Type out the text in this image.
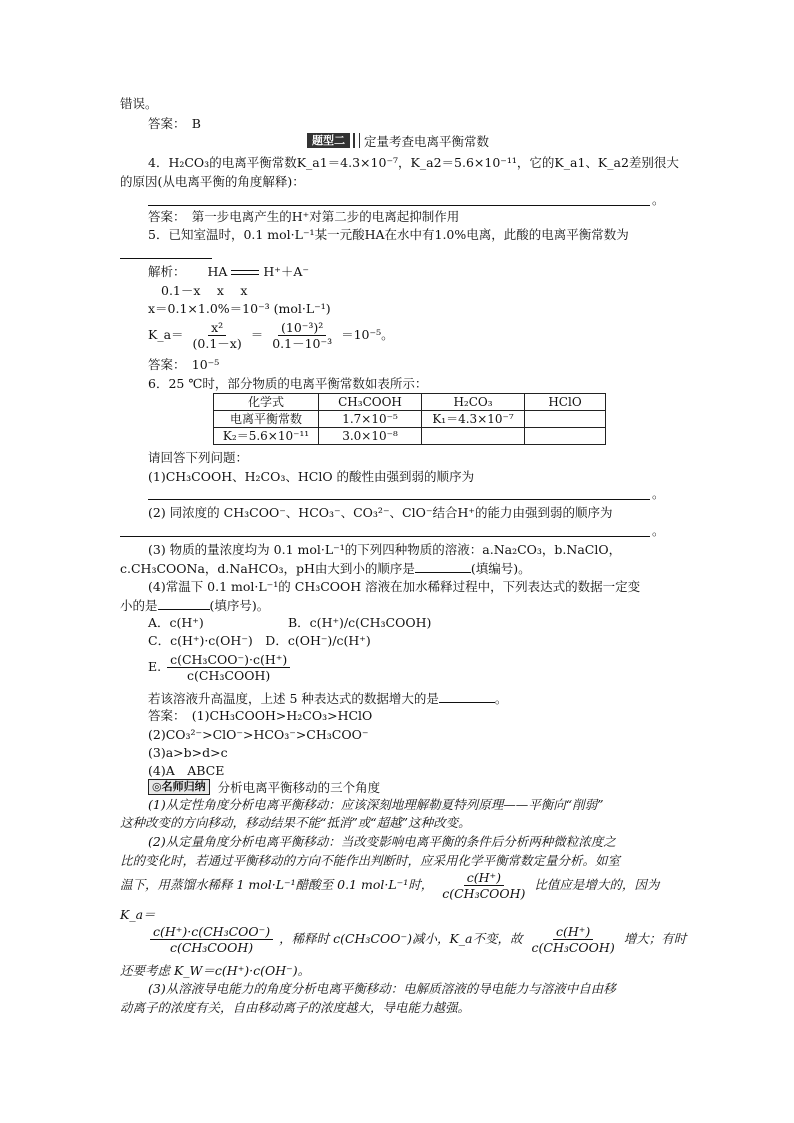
错误。
答案：　B
题型二	定量考查电离平衡常数
4．H₂CO₃的电离平衡常数K_a1＝4.3×10⁻⁷，K_a2＝5.6×10⁻¹¹，它的K_a1、K_a2差别很大
的原因(从电离平衡的角度解释)：
。
答案：　第一步电离产生的H⁺对第二步的电离起抑制作用
5．已知室温时，0.1 mol·L⁻¹某一元酸HA在水中有1.0%电离，此酸的电离平衡常数为
解析： HA	H⁺＋A⁻
0.1－x　 x　 x
x＝0.1×1.0%＝10⁻³ (mol·L⁻¹)
K_a＝ $\frac{\text{x²}}{(0.1-x)} = \frac{\text{(10⁻³)²}}{\text{0.1－10⁻³}} =10^{-5}$。
答案：　10⁻⁵
6．25 ℃时，部分物质的电离平衡常数如表所示：
化学式	CH₃COOH	H₂CO₃	HClO
电离平衡常数	1.7×10⁻⁵	K₁＝4.3×10⁻⁷	
K₂＝5.6×10⁻¹¹	3.0×10⁻⁸		
请回答下列问题：
(1)CH₃COOH、H₂CO₃、HClO 的酸性由强到弱的顺序为
。
(2) 同浓度的 CH₃COO⁻、HCO₃⁻、CO₃²⁻、ClO⁻结合H⁺的能力由强到弱的顺序为
。
(3) 物质的量浓度均为 0.1 mol·L⁻¹的下列四种物质的溶液：a.Na₂CO₃，b.NaClO，
c.CH₃COONa，d.NaHCO₃，pH由大到小的顺序是	(填编号)。
(4)常温下 0.1 mol·L⁻¹的 CH₃COOH 溶液在加水稀释过程中，下列表达式的数据一定变
小的是	(填序号)。
A．c(H⁺)	B．c(H⁺)/c(CH₃COOH)
C．c(H⁺)·c(OH⁻)　D．c(OH⁻)/c(H⁺)
E. $\frac{\text{c(CH₃COO⁻)·c(H⁺)}}{\text{c(CH₃COOH)}}$
若该溶液升高温度，上述 5 种表达式的数据增大的是	。
答案：　(1)CH₃COOH>H₂CO₃>HClO
(2)CO₃²⁻>ClO⁻>HCO₃⁻>CH₃COO⁻
(3)a>b>d>c
(4)A　ABCE
◎名师归纳 分析电离平衡移动的三个角度
(1)从定性角度分析电离平衡移动：应该深刻地理解勒夏特列原理——平衡向“削弱”
这种改变的方向移动，移动结果不能“抵消”或“超越”这种改变。
(2)从定量角度分析电离平衡移动：当改变影响电离平衡的条件后分析两种微粒浓度之
比的变化时，若通过平衡移动的方向不能作出判断时，应采用化学平衡常数定量分析。如室
温下，用蒸馏水稀释 1 mol·L⁻¹醋酸至 0.1 mol·L⁻¹时， $\frac{c(H^+)}{\text{c(CH₃COOH)}}$ 比值应是增大的，因为
K_a＝
$\frac{\text{c(H⁺)·c(CH₃COO⁻)}}{\text{c(CH₃COOH)}}$ ，稀释时 c(CH₃COO⁻)减小，K_a不变，故 $\frac{c(H^+)}{\text{c(CH₃COOH)}}$ 增大；有时
还要考虑 K_W＝c(H⁺)·c(OH⁻)。
(3)从溶液导电能力的角度分析电离平衡移动：电解质溶液的导电能力与溶液中自由移
动离子的浓度有关，自由移动离子的浓度越大，导电能力越强。
